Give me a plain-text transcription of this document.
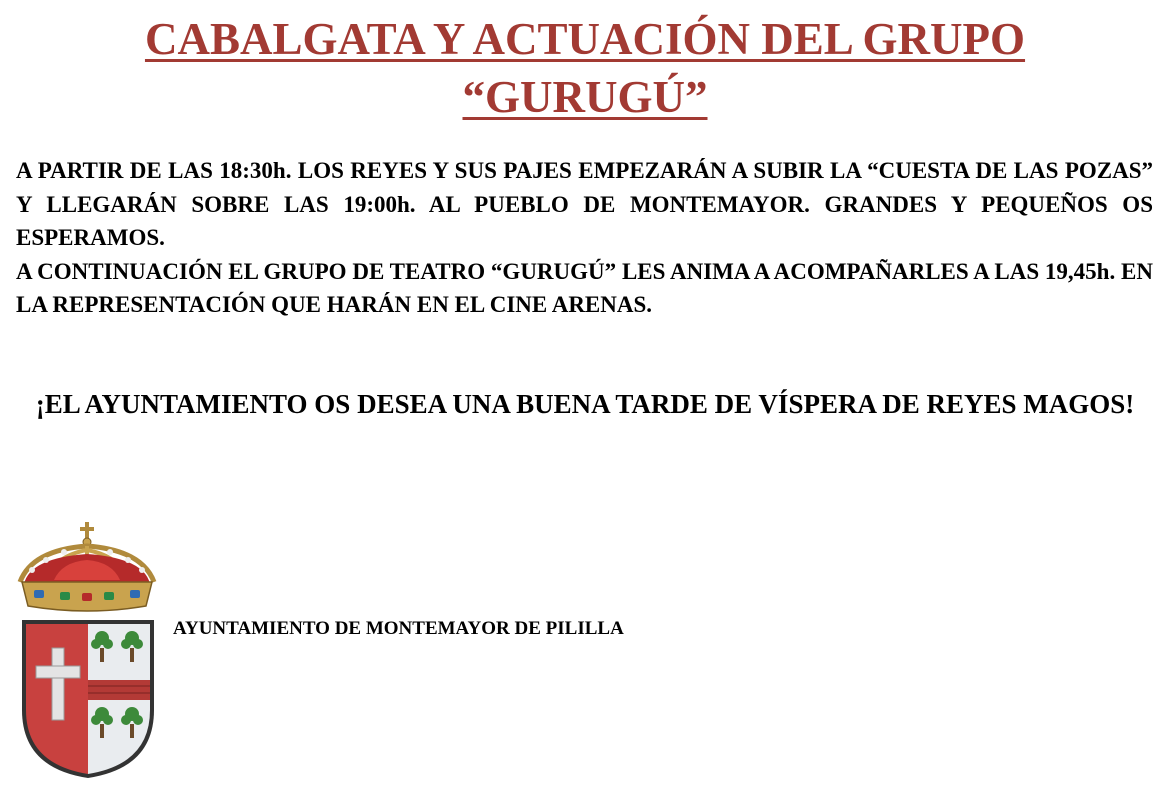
CABALGATA Y ACTUACIÓN DEL GRUPO
“GURUGÚ”

A PARTIR DE LAS 18:30h. LOS REYES Y SUS PAJES EMPEZARÁN A SUBIR LA “CUESTA DE LAS POZAS” Y LLEGARÁN SOBRE LAS 19:00h. AL PUEBLO DE MONTEMAYOR. GRANDES Y PEQUEÑOS OS ESPERAMOS.

A CONTINUACIÓN EL GRUPO DE TEATRO “GURUGÚ” LES ANIMA A ACOMPAÑARLES A LAS 19,45h. EN LA REPRESENTACIÓN QUE HARÁN EN EL CINE ARENAS.

¡EL AYUNTAMIENTO OS DESEA UNA BUENA TARDE DE VÍSPERA DE REYES MAGOS!

AYUNTAMIENTO DE MONTEMAYOR DE PILILLA
